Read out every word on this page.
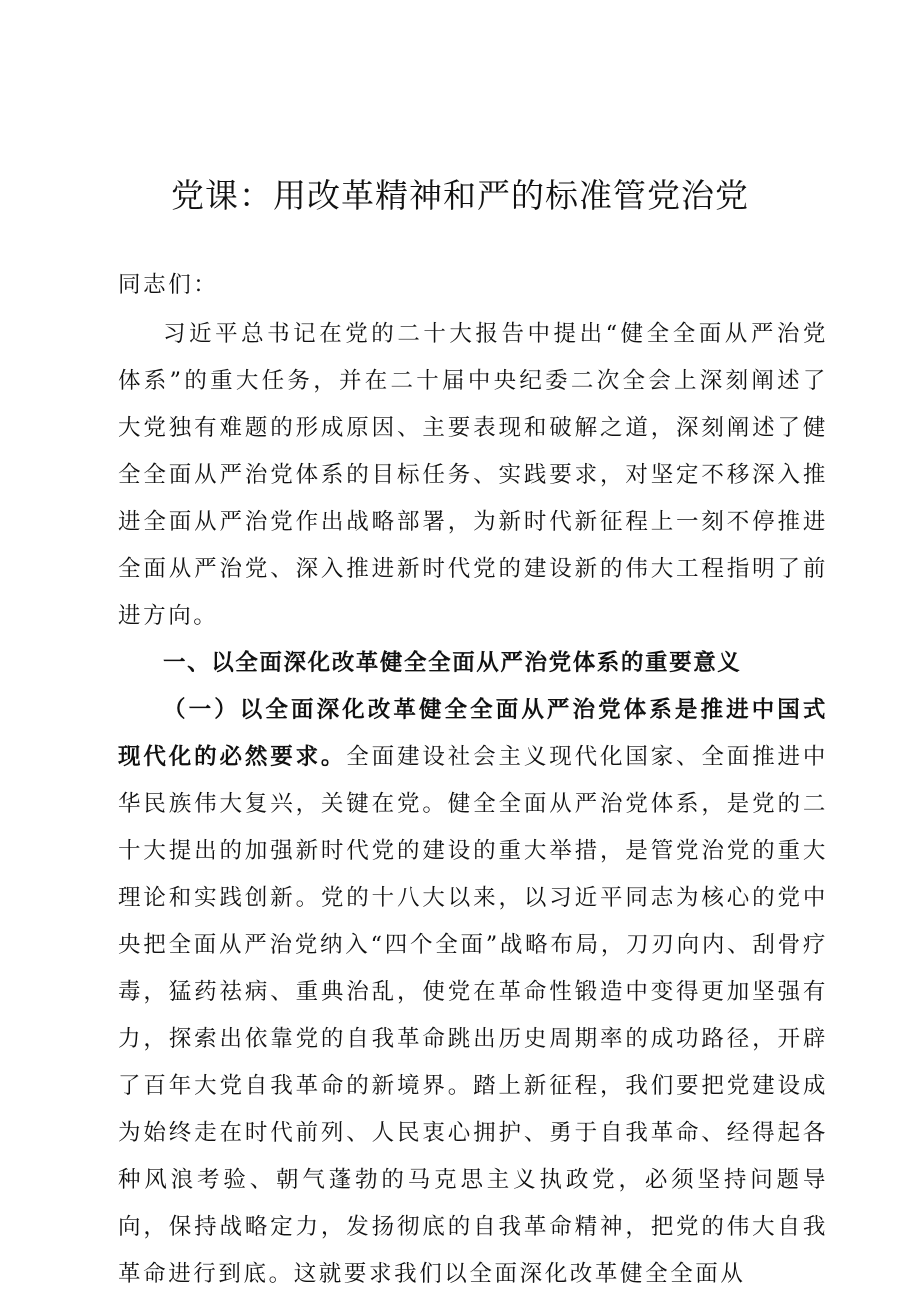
党课：用改革精神和严的标准管党治党

同志们：

习近平总书记在党的二十大报告中提出“健全全面从严治党体系”的重大任务，并在二十届中央纪委二次全会上深刻阐述了大党独有难题的形成原因、主要表现和破解之道，深刻阐述了健全全面从严治党体系的目标任务、实践要求，对坚定不移深入推进全面从严治党作出战略部署，为新时代新征程上一刻不停推进全面从严治党、深入推进新时代党的建设新的伟大工程指明了前进方向。

一、以全面深化改革健全全面从严治党体系的重要意义

（一）以全面深化改革健全全面从严治党体系是推进中国式现代化的必然要求。全面建设社会主义现代化国家、全面推进中华民族伟大复兴，关键在党。健全全面从严治党体系，是党的二十大提出的加强新时代党的建设的重大举措，是管党治党的重大理论和实践创新。党的十八大以来，以习近平同志为核心的党中央把全面从严治党纳入“四个全面”战略布局，刀刃向内、刮骨疗毒，猛药祛病、重典治乱，使党在革命性锻造中变得更加坚强有力，探索出依靠党的自我革命跳出历史周期率的成功路径，开辟了百年大党自我革命的新境界。踏上新征程，我们要把党建设成为始终走在时代前列、人民衷心拥护、勇于自我革命、经得起各种风浪考验、朝气蓬勃的马克思主义执政党，必须坚持问题导向，保持战略定力，发扬彻底的自我革命精神，把党的伟大自我革命进行到底。这就要求我们以全面深化改革健全全面从
